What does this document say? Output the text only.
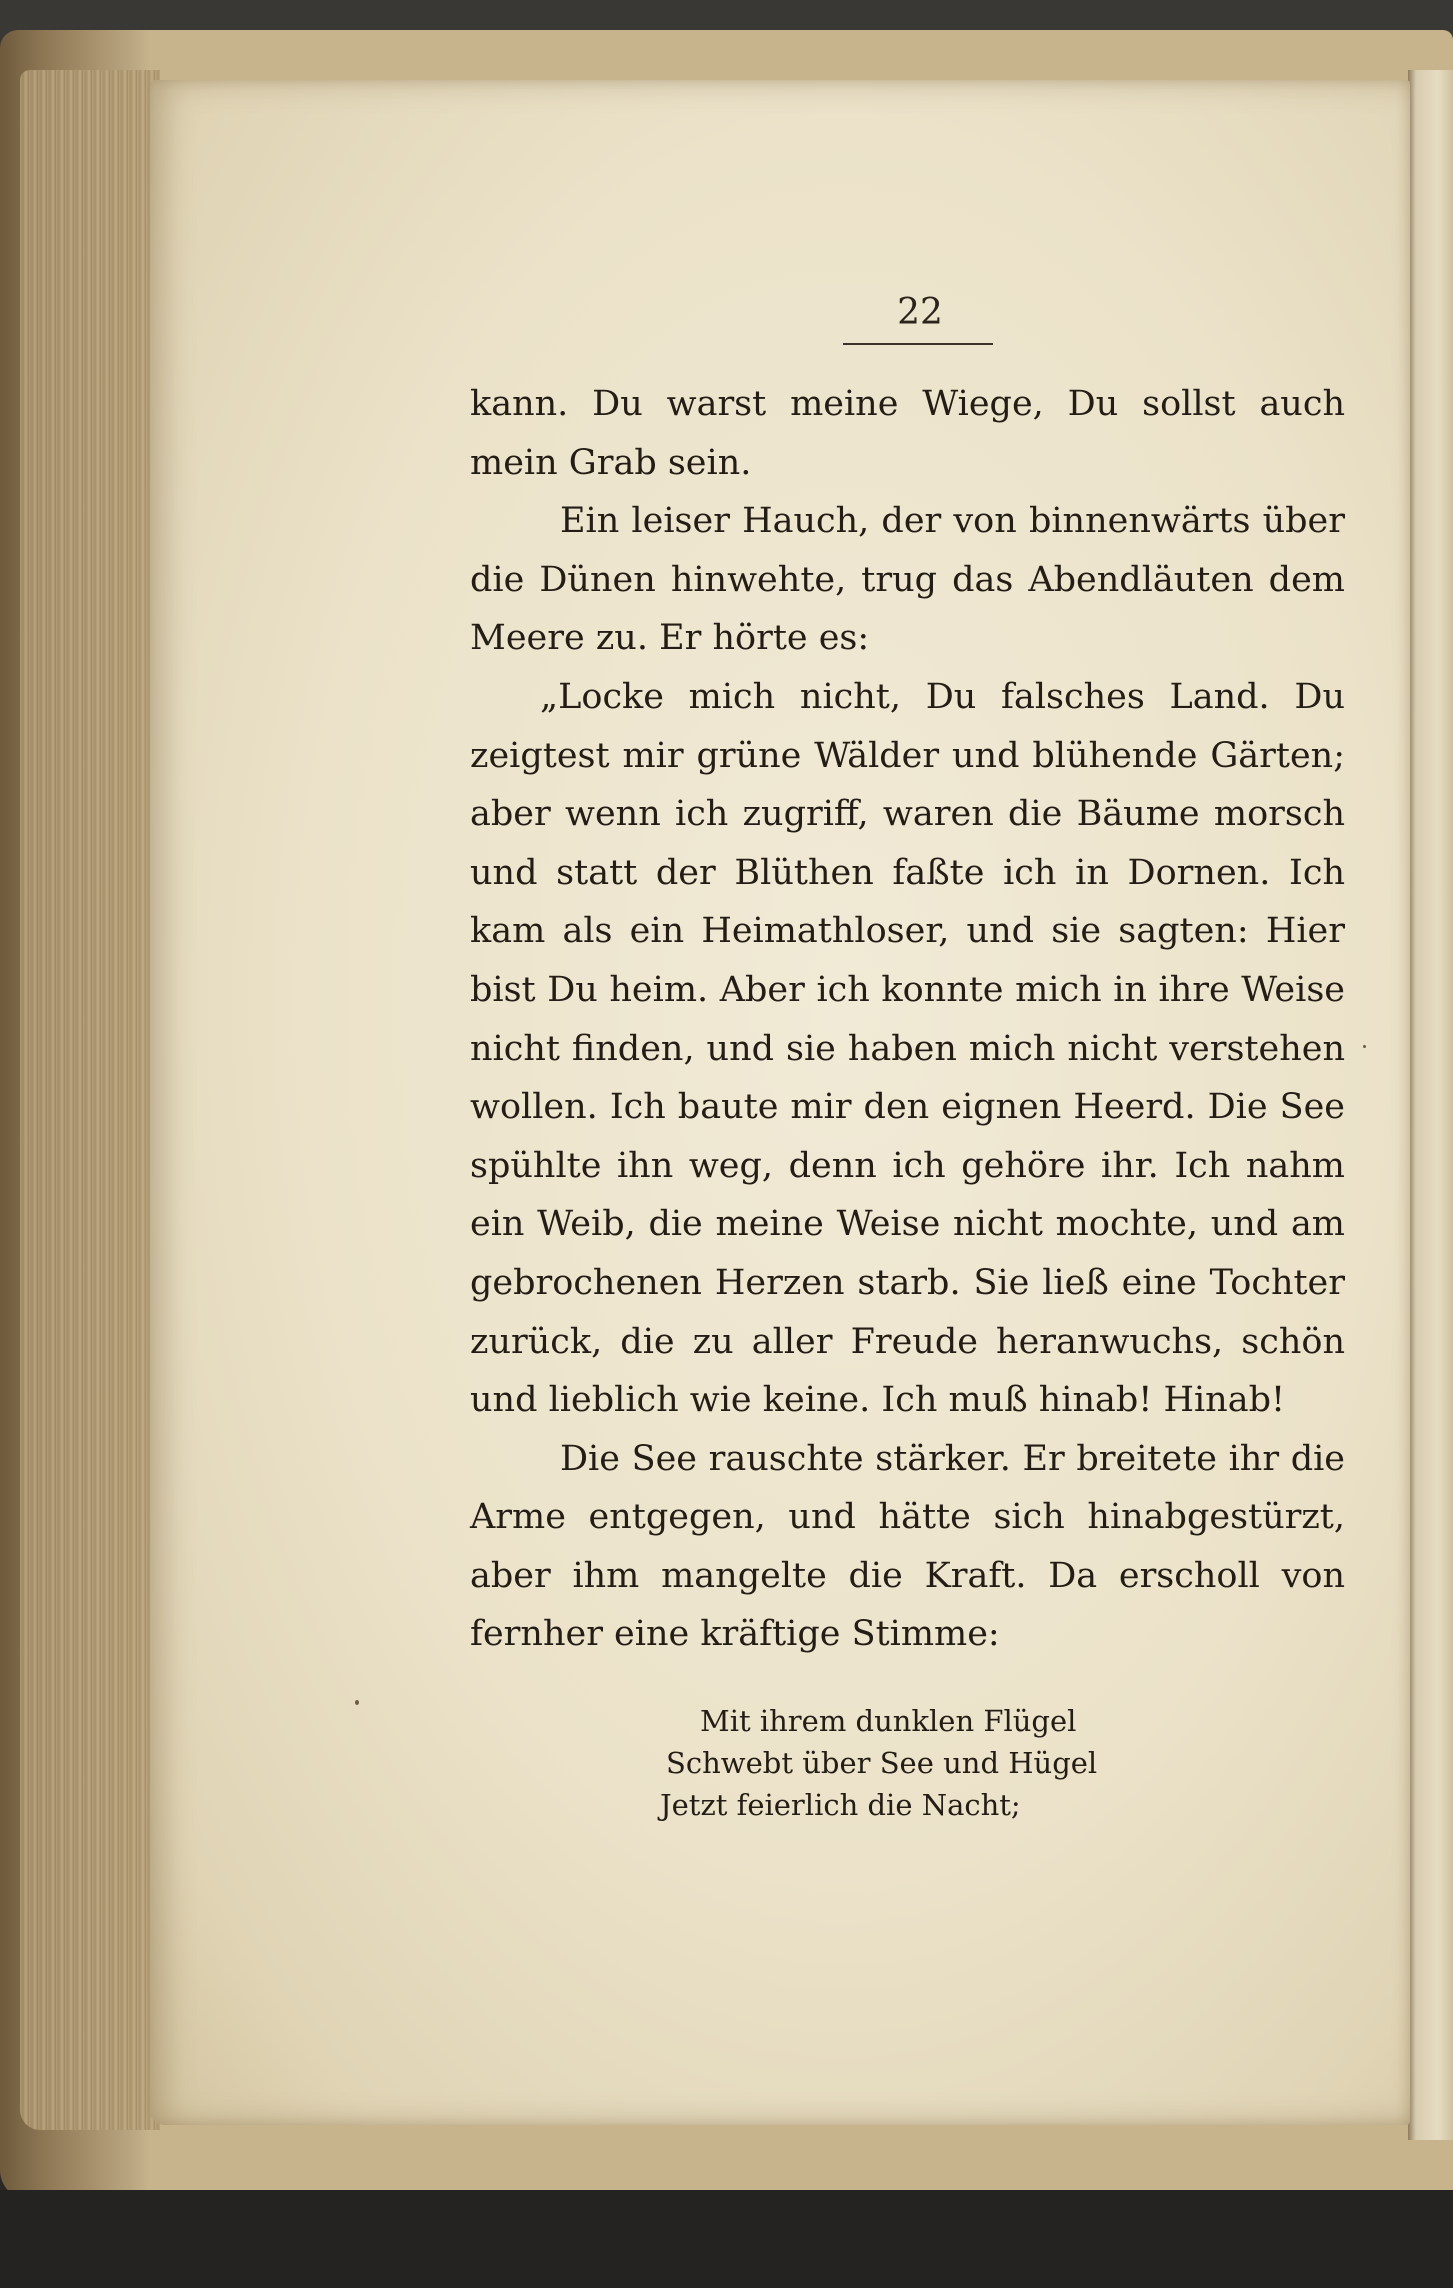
22

kann. Du warst meine Wiege, Du sollst auch mein Grab sein.

Ein leiser Hauch, der von binnenwärts über die Dünen hinwehte, trug das Abendläuten dem Meere zu. Er hörte es:

„Locke mich nicht, Du falsches Land. Du zeigtest mir grüne Wälder und blühende Gärten; aber wenn ich zugriff, waren die Bäume morsch und statt der Blüthen faßte ich in Dornen. Ich kam als ein Heimathloser, und sie sagten: Hier bist Du heim. Aber ich konnte mich in ihre Weise nicht finden, und sie haben mich nicht verstehen wollen. Ich baute mir den eignen Heerd. Die See spühlte ihn weg, denn ich gehöre ihr. Ich nahm ein Weib, die meine Weise nicht mochte, und am gebrochenen Herzen starb. Sie ließ eine Tochter zurück, die zu aller Freude heranwuchs, schön und lieblich wie keine. Ich muß hinab! Hinab!

Die See rauschte stärker. Er breitete ihr die Arme entgegen, und hätte sich hinabgestürzt, aber ihm mangelte die Kraft. Da erscholl von fernher eine kräftige Stimme:

Mit ihrem dunklen Flügel
Schwebt über See und Hügel
Jetzt feierlich die Nacht;
